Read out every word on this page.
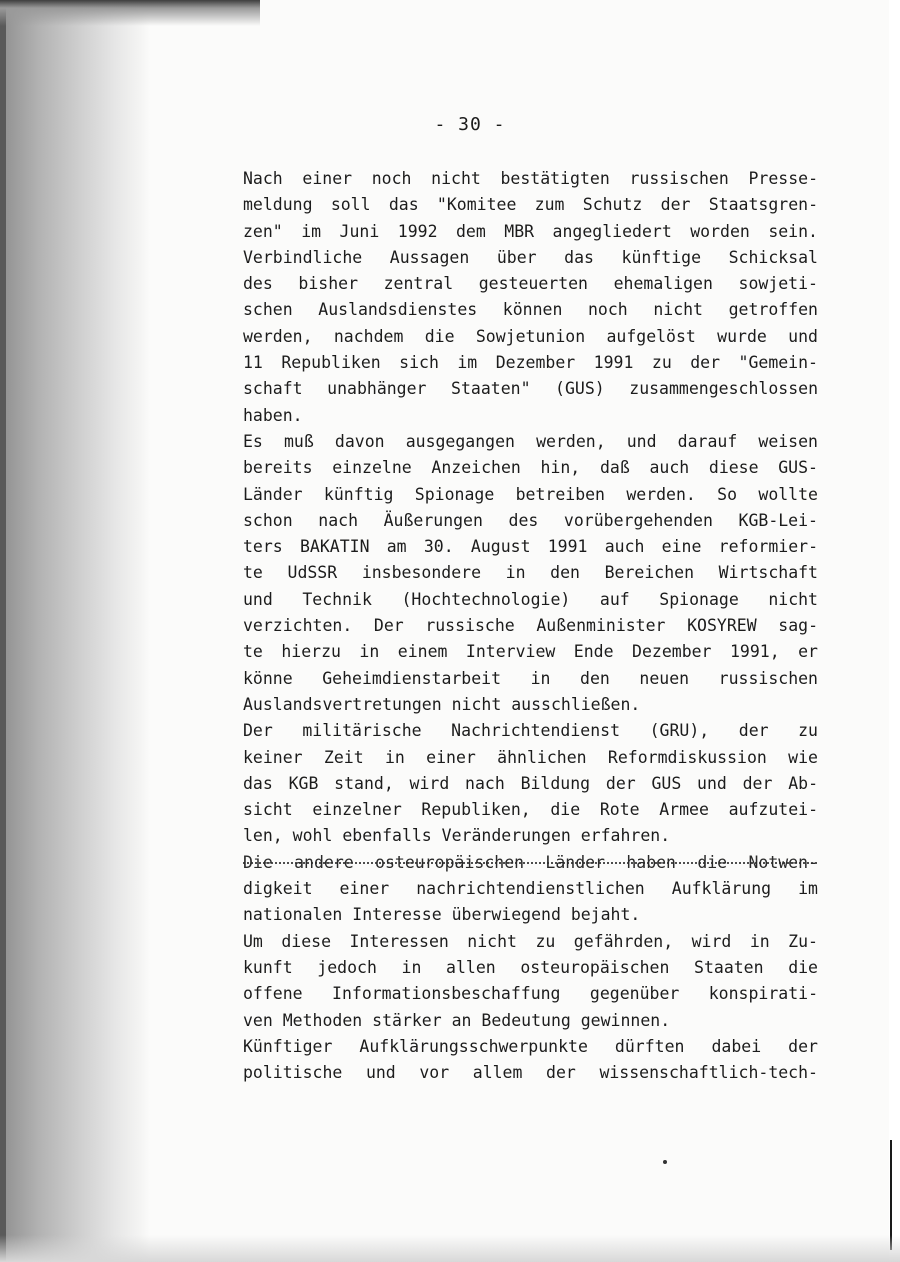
- 30 -
Nach einer noch nicht bestätigten russischen Presse-
meldung soll das "Komitee zum Schutz der Staatsgren-
zen" im Juni 1992 dem MBR angegliedert worden sein.
Verbindliche Aussagen über das künftige Schicksal
des bisher zentral gesteuerten ehemaligen sowjeti-
schen Auslandsdienstes können noch nicht getroffen
werden, nachdem die Sowjetunion aufgelöst wurde und
11 Republiken sich im Dezember 1991 zu der "Gemein-
schaft unabhänger Staaten" (GUS) zusammengeschlossen
haben.
Es muß davon ausgegangen werden, und darauf weisen
bereits einzelne Anzeichen hin, daß auch diese GUS-
Länder künftig Spionage betreiben werden. So wollte
schon nach Äußerungen des vorübergehenden KGB-Lei-
ters BAKATIN am 30. August 1991 auch eine reformier-
te UdSSR insbesondere in den Bereichen Wirtschaft
und Technik (Hochtechnologie) auf Spionage nicht
verzichten. Der russische Außenminister KOSYREW sag-
te hierzu in einem Interview Ende Dezember 1991, er
könne Geheimdienstarbeit in den neuen russischen
Auslandsvertretungen nicht ausschließen.
Der militärische Nachrichtendienst (GRU), der zu
keiner Zeit in einer ähnlichen Reformdiskussion wie
das KGB stand, wird nach Bildung der GUS und der Ab-
sicht einzelner Republiken, die Rote Armee aufzutei-
len, wohl ebenfalls Veränderungen erfahren.
Die andere osteuropäischen Länder haben die Notwen-
digkeit einer nachrichtendienstlichen Aufklärung im
nationalen Interesse überwiegend bejaht.
Um diese Interessen nicht zu gefährden, wird in Zu-
kunft jedoch in allen osteuropäischen Staaten die
offene Informationsbeschaffung gegenüber konspirati-
ven Methoden stärker an Bedeutung gewinnen.
Künftiger Aufklärungsschwerpunkte dürften dabei der
politische und vor allem der wissenschaftlich-tech-
